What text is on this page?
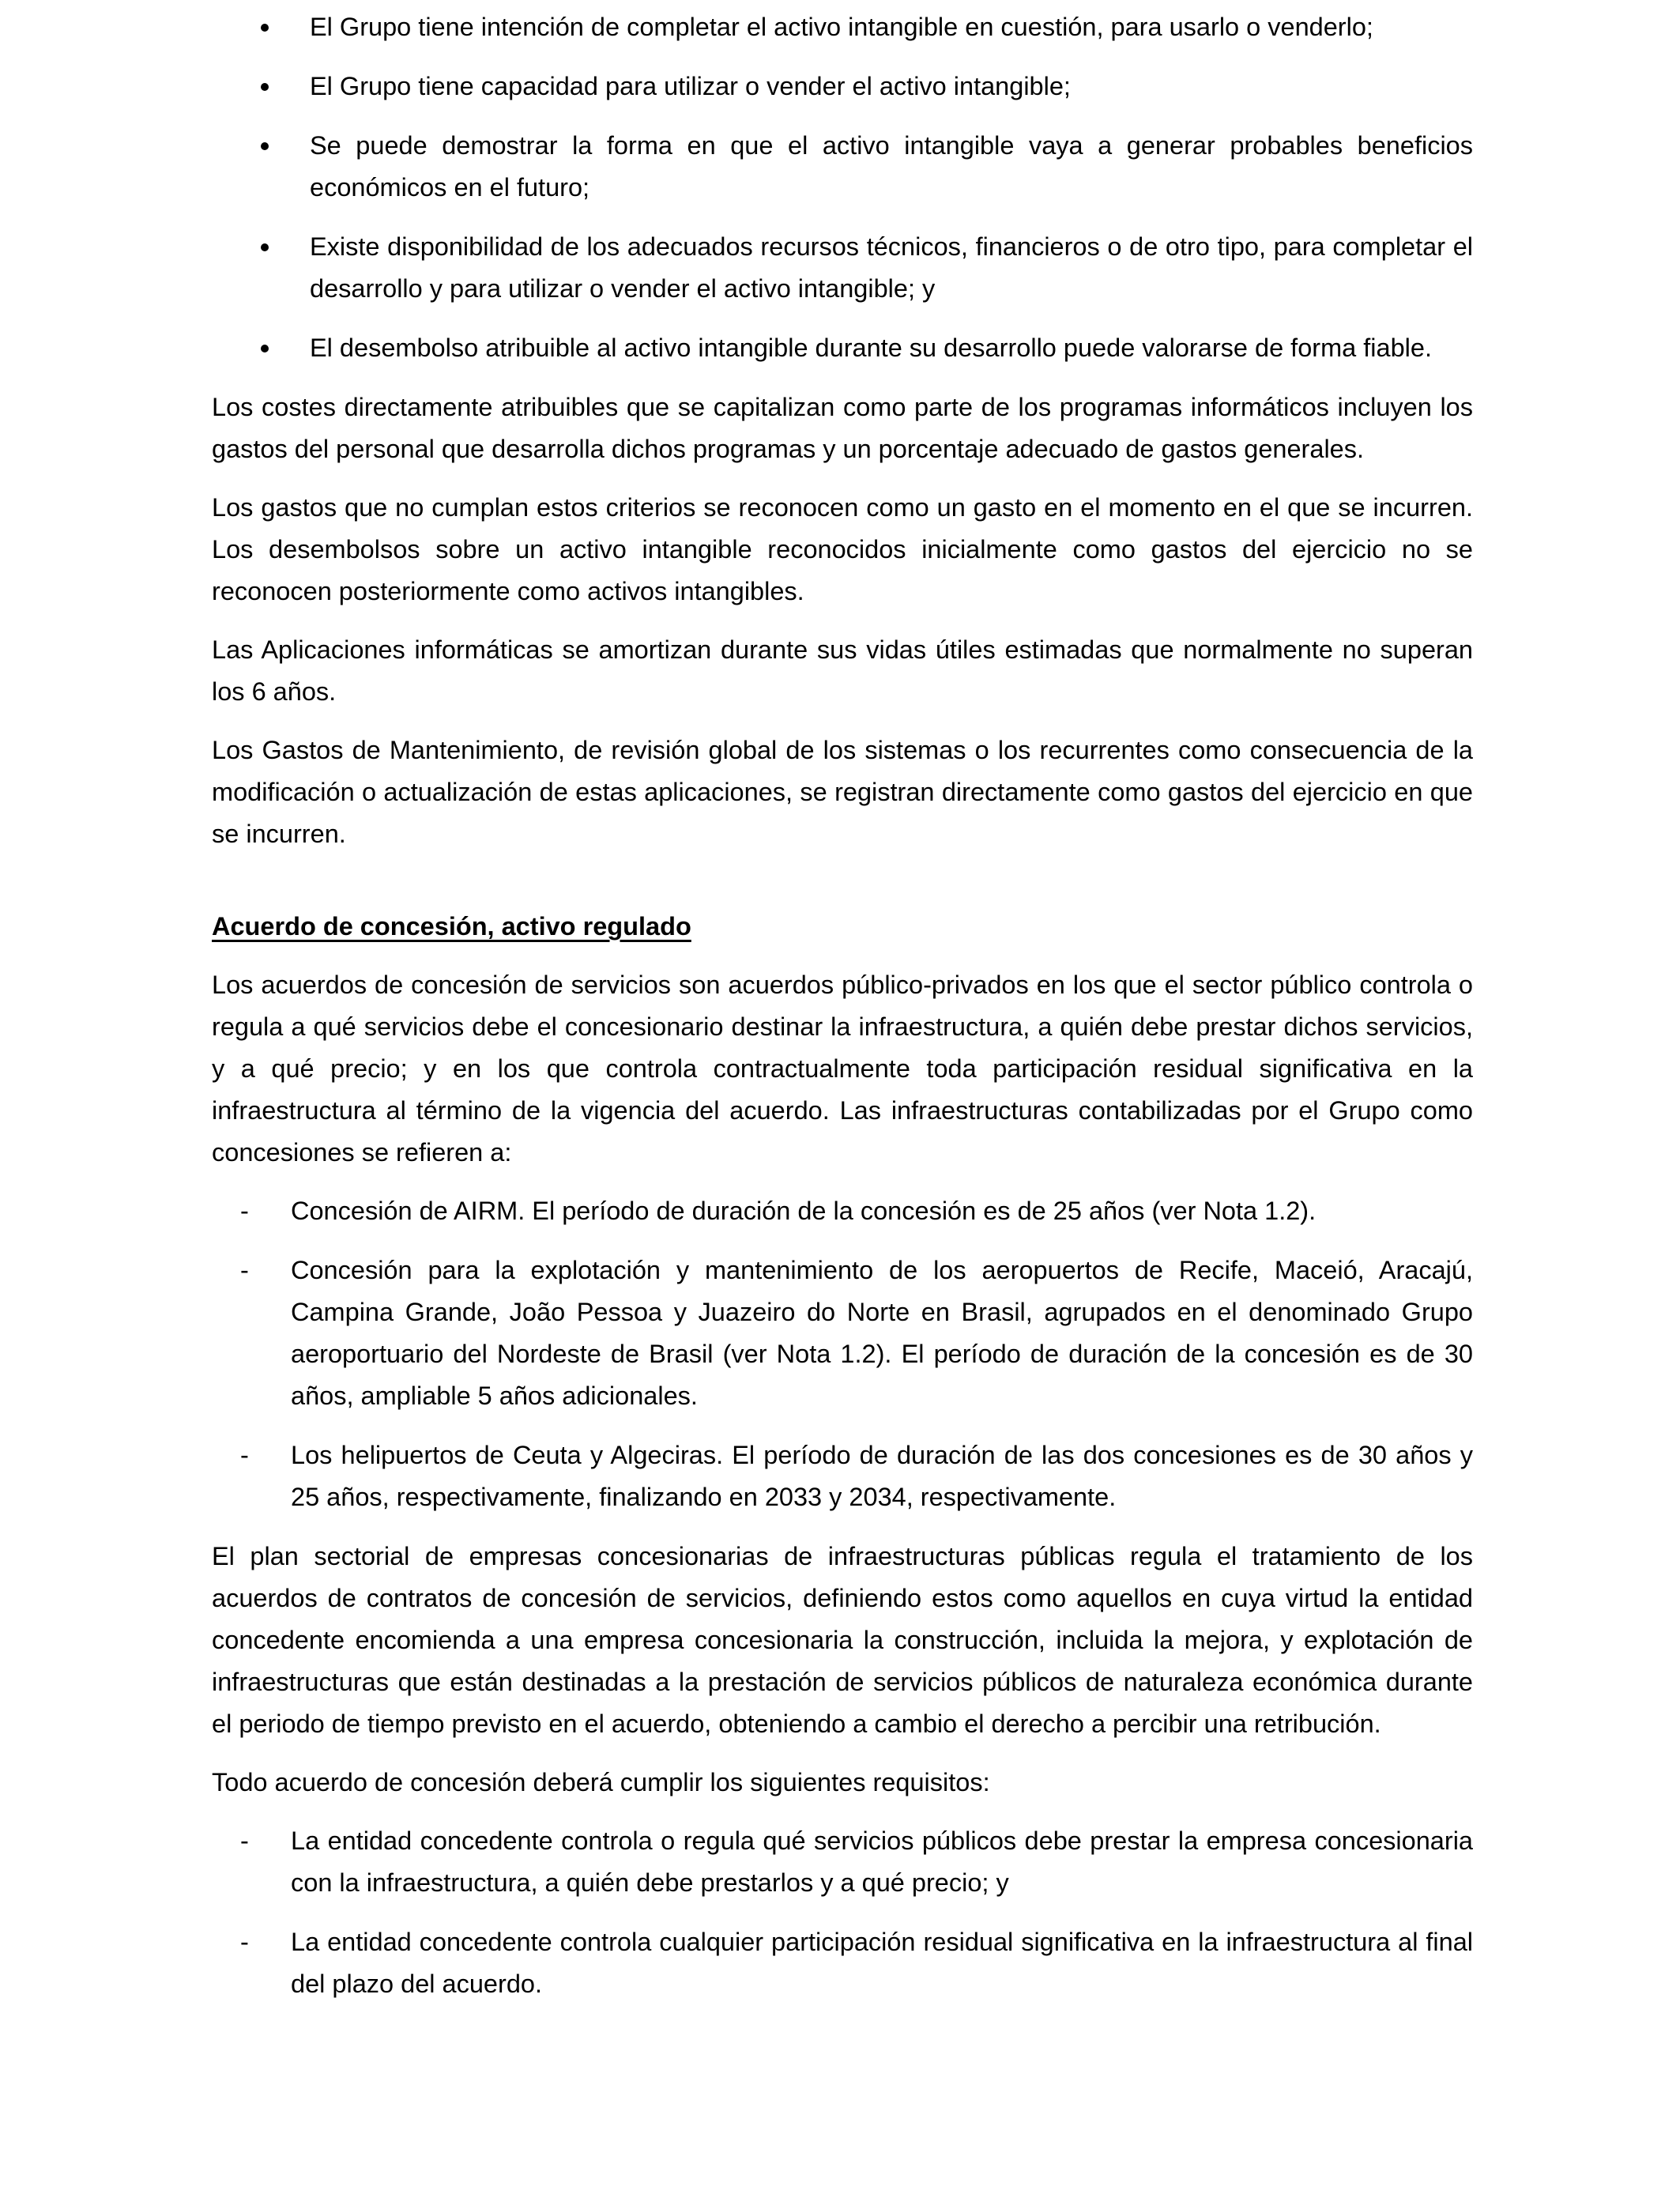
El Grupo tiene intención de completar el activo intangible en cuestión, para usarlo o venderlo;
El Grupo tiene capacidad para utilizar o vender el activo intangible;
Se puede demostrar la forma en que el activo intangible vaya a generar probables beneficios económicos en el futuro;
Existe disponibilidad de los adecuados recursos técnicos, financieros o de otro tipo, para completar el desarrollo y para utilizar o vender el activo intangible; y
El desembolso atribuible al activo intangible durante su desarrollo puede valorarse de forma fiable.

Los costes directamente atribuibles que se capitalizan como parte de los programas informáticos incluyen los gastos del personal que desarrolla dichos programas y un porcentaje adecuado de gastos generales.

Los gastos que no cumplan estos criterios se reconocen como un gasto en el momento en el que se incurren. Los desembolsos sobre un activo intangible reconocidos inicialmente como gastos del ejercicio no se reconocen posteriormente como activos intangibles.

Las Aplicaciones informáticas se amortizan durante sus vidas útiles estimadas que normalmente no superan los 6 años.

Los Gastos de Mantenimiento, de revisión global de los sistemas o los recurrentes como consecuencia de la modificación o actualización de estas aplicaciones, se registran directamente como gastos del ejercicio en que se incurren.

Acuerdo de concesión, activo regulado

Los acuerdos de concesión de servicios son acuerdos público-privados en los que el sector público controla o regula a qué servicios debe el concesionario destinar la infraestructura, a quién debe prestar dichos servicios, y a qué precio; y en los que controla contractualmente toda participación residual significativa en la infraestructura al término de la vigencia del acuerdo. Las infraestructuras contabilizadas por el Grupo como concesiones se refieren a:

- Concesión de AIRM. El período de duración de la concesión es de 25 años (ver Nota 1.2).
- Concesión para la explotación y mantenimiento de los aeropuertos de Recife, Maceió, Aracajú, Campina Grande, João Pessoa y Juazeiro do Norte en Brasil, agrupados en el denominado Grupo aeroportuario del Nordeste de Brasil (ver Nota 1.2). El período de duración de la concesión es de 30 años, ampliable 5 años adicionales.
- Los helipuertos de Ceuta y Algeciras. El período de duración de las dos concesiones es de 30 años y 25 años, respectivamente, finalizando en 2033 y 2034, respectivamente.

El plan sectorial de empresas concesionarias de infraestructuras públicas regula el tratamiento de los acuerdos de contratos de concesión de servicios, definiendo estos como aquellos en cuya virtud la entidad concedente encomienda a una empresa concesionaria la construcción, incluida la mejora, y explotación de infraestructuras que están destinadas a la prestación de servicios públicos de naturaleza económica durante el periodo de tiempo previsto en el acuerdo, obteniendo a cambio el derecho a percibir una retribución.

Todo acuerdo de concesión deberá cumplir los siguientes requisitos:

- La entidad concedente controla o regula qué servicios públicos debe prestar la empresa concesionaria con la infraestructura, a quién debe prestarlos y a qué precio; y
- La entidad concedente controla cualquier participación residual significativa en la infraestructura al final del plazo del acuerdo.
